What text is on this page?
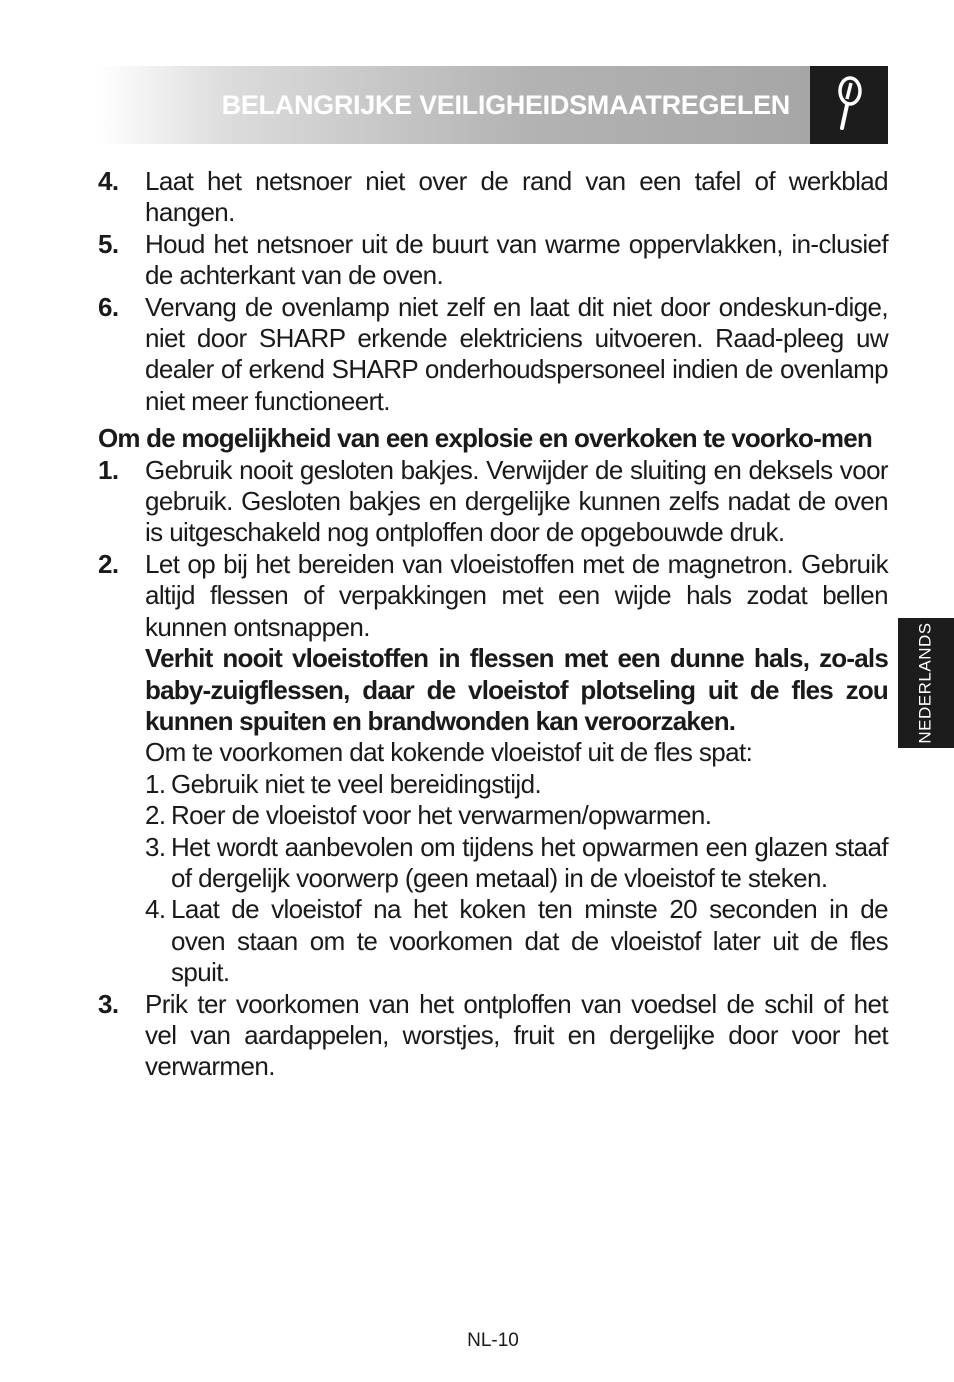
BELANGRIJKE VEILIGHEIDSMAATREGELEN
4.	Laat het netsnoer niet over de rand van een tafel of werkblad hangen.
5.	Houd het netsnoer uit de buurt van warme oppervlakken, in-clusief de achterkant van de oven.
6.	Vervang de ovenlamp niet zelf en laat dit niet door ondeskun-dige, niet door SHARP erkende elektriciens uitvoeren. Raad-pleeg uw dealer of erkend SHARP onderhoudspersoneel indien de ovenlamp niet meer functioneert.
Om de mogelijkheid van een explosie en overkoken te voorko-men
1.	Gebruik nooit gesloten bakjes. Verwijder de sluiting en deksels voor gebruik. Gesloten bakjes en dergelijke kunnen zelfs nadat de oven is uitgeschakeld nog ontploffen door de opgebouwde druk.
2.	Let op bij het bereiden van vloeistoffen met de magnetron. Gebruik altijd flessen of verpakkingen met een wijde hals zodat bellen kunnen ontsnappen.
Verhit nooit vloeistoffen in flessen met een dunne hals, zo-als baby-zuigflessen, daar de vloeistof plotseling uit de fles zou kunnen spuiten en brandwonden kan veroorzaken.
Om te voorkomen dat kokende vloeistof uit de fles spat:
1. Gebruik niet te veel bereidingstijd.
2. Roer de vloeistof voor het verwarmen/opwarmen.
3. Het wordt aanbevolen om tijdens het opwarmen een glazen staaf of dergelijk voorwerp (geen metaal) in de vloeistof te steken.
4. Laat de vloeistof na het koken ten minste 20 seconden in de oven staan om te voorkomen dat de vloeistof later uit de fles spuit.
3.	Prik ter voorkomen van het ontploffen van voedsel de schil of het vel van aardappelen, worstjes, fruit en dergelijke door voor het verwarmen.
NEDERLANDS
NL-10
